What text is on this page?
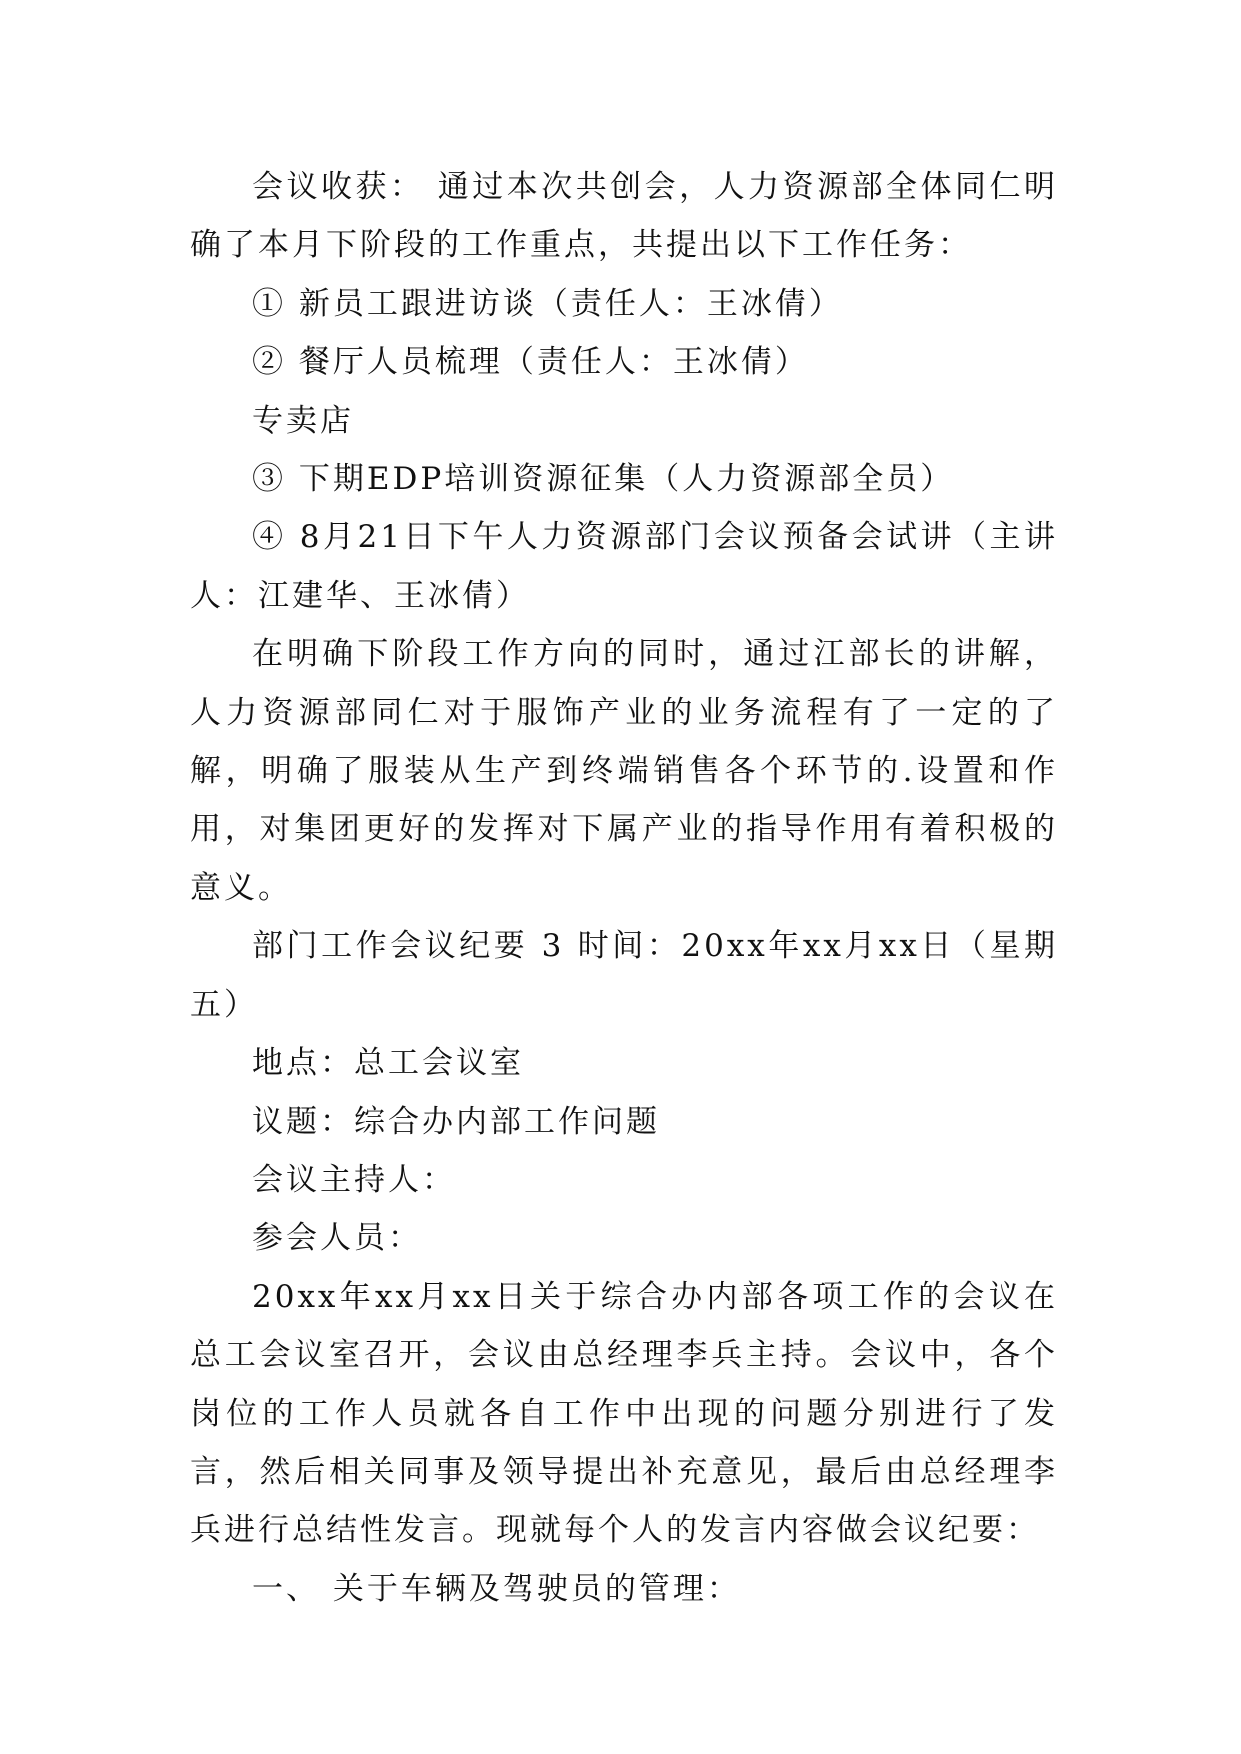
会议收获： 通过本次共创会，人力资源部全体同仁明确了本月下阶段的工作重点，共提出以下工作任务：

① 新员工跟进访谈（责任人：王冰倩）

② 餐厅人员梳理（责任人：王冰倩）

专卖店

③ 下期EDP培训资源征集（人力资源部全员）

④ 8月21日下午人力资源部门会议预备会试讲（主讲人：江建华、王冰倩）

在明确下阶段工作方向的同时，通过江部长的讲解，人力资源部同仁对于服饰产业的业务流程有了一定的了解，明确了服装从生产到终端销售各个环节的.设置和作用，对集团更好的发挥对下属产业的指导作用有着积极的意义。

部门工作会议纪要 3 时间：20xx年xx月xx日（星期五）

地点：总工会议室

议题：综合办内部工作问题

会议主持人：

参会人员：

20xx年xx月xx日关于综合办内部各项工作的会议在总工会议室召开，会议由总经理李兵主持。会议中，各个岗位的工作人员就各自工作中出现的问题分别进行了发言，然后相关同事及领导提出补充意见，最后由总经理李兵进行总结性发言。现就每个人的发言内容做会议纪要：

一、 关于车辆及驾驶员的管理：
